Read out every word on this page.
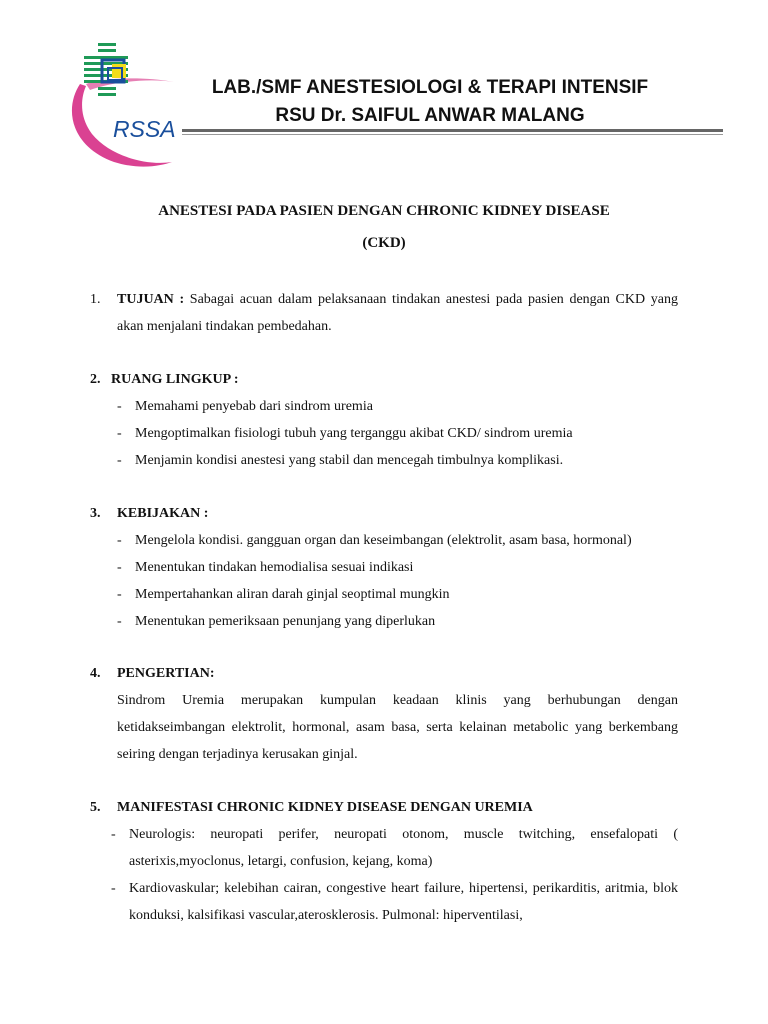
RSSA
LAB./SMF ANESTESIOLOGI & TERAPI INTENSIF
RSU Dr. SAIFUL ANWAR MALANG
ANESTESI PADA PASIEN DENGAN CHRONIC KIDNEY DISEASE
(CKD)
1. TUJUAN : Sabagai acuan dalam pelaksanaan tindakan anestesi pada pasien dengan CKD yang akan menjalani tindakan pembedahan.
2. RUANG LINGKUP :
- Memahami penyebab dari sindrom uremia
- Mengoptimalkan fisiologi tubuh yang terganggu akibat CKD/ sindrom uremia
- Menjamin kondisi anestesi yang stabil dan mencegah timbulnya komplikasi.
3. KEBIJAKAN :
- Mengelola kondisi. gangguan organ dan keseimbangan (elektrolit, asam basa, hormonal)
- Menentukan tindakan hemodialisa sesuai indikasi
- Mempertahankan aliran darah ginjal seoptimal mungkin
- Menentukan pemeriksaan penunjang yang diperlukan
4. PENGERTIAN:
Sindrom Uremia merupakan kumpulan keadaan klinis yang berhubungan dengan ketidakseimbangan elektrolit, hormonal, asam basa, serta kelainan metabolic yang berkembang seiring dengan terjadinya kerusakan ginjal.
5. MANIFESTASI CHRONIC KIDNEY DISEASE DENGAN UREMIA
- Neurologis: neuropati perifer, neuropati otonom, muscle twitching, ensefalopati ( asterixis,myoclonus, letargi, confusion, kejang, koma)
- Kardiovaskular; kelebihan cairan, congestive heart failure, hipertensi, perikarditis, aritmia, blok konduksi, kalsifikasi vascular,aterosklerosis. Pulmonal: hiperventilasi,
